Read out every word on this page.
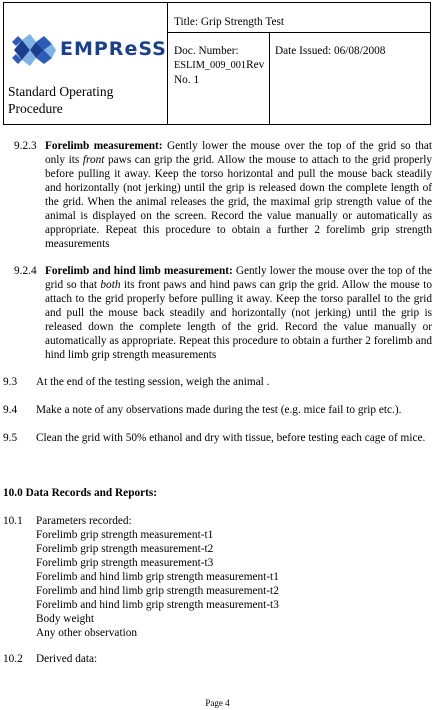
EMPReSS
Standard Operating
Procedure
Title: Grip Strength Test
Doc. Number:
ESLIM_009_001Rev
No. 1
Date Issued: 06/08/2008
9.2.3 Forelimb measurement: Gently lower the mouse over the top of the grid so that only its front paws can grip the grid. Allow the mouse to attach to the grid properly before pulling it away. Keep the torso horizontal and pull the mouse back steadily and horizontally (not jerking) until the grip is released down the complete length of the grid. When the animal releases the grid, the maximal grip strength value of the animal is displayed on the screen. Record the value manually or automatically as appropriate. Repeat this procedure to obtain a further 2 forelimb grip strength measurements
9.2.4 Forelimb and hind limb measurement: Gently lower the mouse over the top of the grid so that both its front paws and hind paws can grip the grid. Allow the mouse to attach to the grid properly before pulling it away. Keep the torso parallel to the grid and pull the mouse back steadily and horizontally (not jerking) until the grip is released down the complete length of the grid. Record the value manually or automatically as appropriate. Repeat this procedure to obtain a further 2 forelimb and hind limb grip strength measurements
9.3 At the end of the testing session, weigh the animal .
9.4 Make a note of any observations made during the test (e.g. mice fail to grip etc.).
9.5 Clean the grid with 50% ethanol and dry with tissue, before testing each cage of mice.
10.0 Data Records and Reports:
10.1 Parameters recorded:
Forelimb grip strength measurement-t1
Forelimb grip strength measurement-t2
Forelimb grip strength measurement-t3
Forelimb and hind limb grip strength measurement-t1
Forelimb and hind limb grip strength measurement-t2
Forelimb and hind limb grip strength measurement-t3
Body weight
Any other observation
10.2 Derived data:
Page 4
